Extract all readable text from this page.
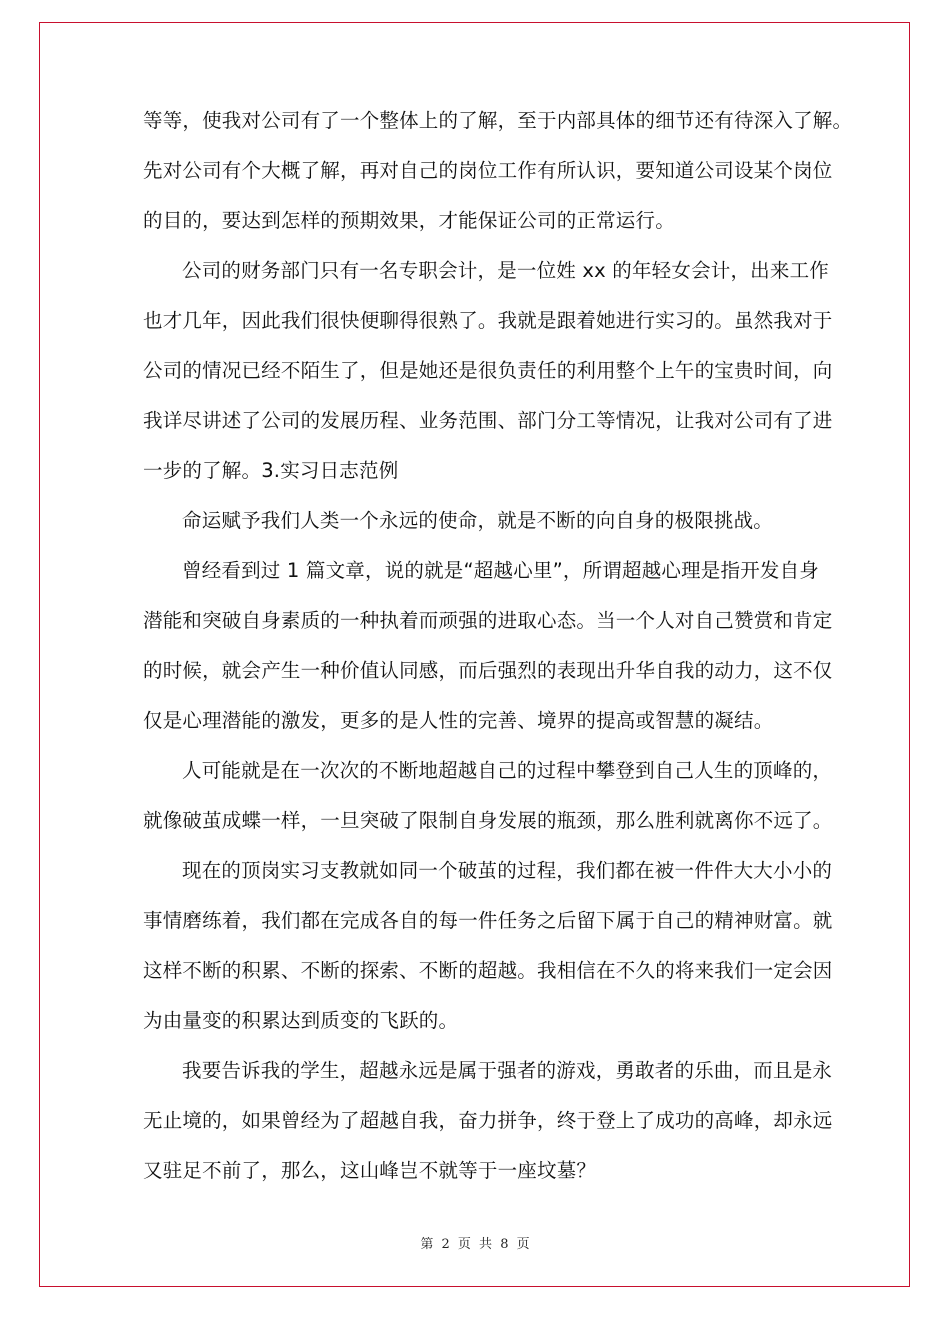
等等，使我对公司有了一个整体上的了解，至于内部具体的细节还有待深入了解。
先对公司有个大概了解，再对自己的岗位工作有所认识，要知道公司设某个岗位
的目的，要达到怎样的预期效果，才能保证公司的正常运行。
公司的财务部门只有一名专职会计，是一位姓 xx 的年轻女会计，出来工作
也才几年，因此我们很快便聊得很熟了。我就是跟着她进行实习的。虽然我对于
公司的情况已经不陌生了，但是她还是很负责任的利用整个上午的宝贵时间，向
我详尽讲述了公司的发展历程、业务范围、部门分工等情况，让我对公司有了进
一步的了解。3.实习日志范例
命运赋予我们人类一个永远的使命，就是不断的向自身的极限挑战。
曾经看到过 1 篇文章，说的就是“超越心里”，所谓超越心理是指开发自身
潜能和突破自身素质的一种执着而顽强的进取心态。当一个人对自己赞赏和肯定
的时候，就会产生一种价值认同感，而后强烈的表现出升华自我的动力，这不仅
仅是心理潜能的激发，更多的是人性的完善、境界的提高或智慧的凝结。
人可能就是在一次次的不断地超越自己的过程中攀登到自己人生的顶峰的，
就像破茧成蝶一样，一旦突破了限制自身发展的瓶颈，那么胜利就离你不远了。
现在的顶岗实习支教就如同一个破茧的过程，我们都在被一件件大大小小的
事情磨练着，我们都在完成各自的每一件任务之后留下属于自己的精神财富。就
这样不断的积累、不断的探索、不断的超越。我相信在不久的将来我们一定会因
为由量变的积累达到质变的飞跃的。
我要告诉我的学生，超越永远是属于强者的游戏，勇敢者的乐曲，而且是永
无止境的，如果曾经为了超越自我，奋力拼争，终于登上了成功的高峰，却永远
又驻足不前了，那么，这山峰岂不就等于一座坟墓？
第 2 页 共 8 页
